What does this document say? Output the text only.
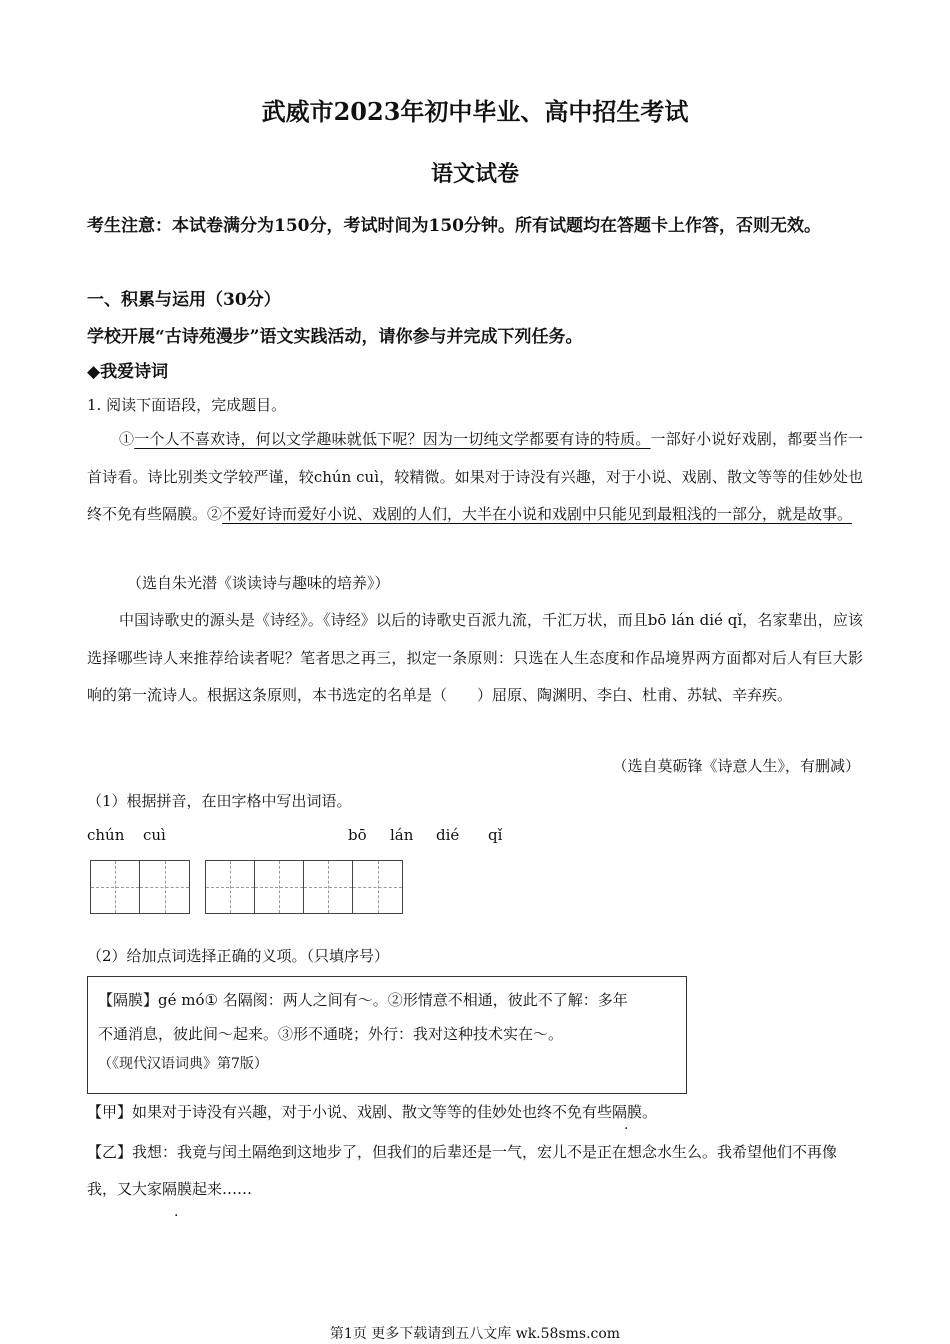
武威市2023年初中毕业、高中招生考试
语文试卷
考生注意：本试卷满分为150分，考试时间为150分钟。所有试题均在答题卡上作答，否则无效。
一、积累与运用（30分）
学校开展“古诗苑漫步”语文实践活动，请你参与并完成下列任务。
◆我爱诗词
1. 阅读下面语段，完成题目。
①一个人不喜欢诗，何以文学趣味就低下呢？因为一切纯文学都要有诗的特质。一部好小说好戏剧，都要当作一首诗看。诗比别类文学较严谨，较chún cuì，较精微。如果对于诗没有兴趣，对于小说、戏剧、散文等等的佳妙处也终不免有些隔膜。②不爱好诗而爱好小说、戏剧的人们，大半在小说和戏剧中只能见到最粗浅的一部分，就是故事。
（选自朱光潜《谈读诗与趣味的培养》）
中国诗歌史的源头是《诗经》。《诗经》以后的诗歌史百派九流，千汇万状，而且bō lán dié qǐ，名家辈出，应该选择哪些诗人来推荐给读者呢？笔者思之再三，拟定一条原则：只选在人生态度和作品境界两方面都对后人有巨大影响的第一流诗人。根据这条原则，本书选定的名单是（　　）屈原、陶渊明、李白、杜甫、苏轼、辛弃疾。
（选自莫砺锋《诗意人生》，有删减）
（1）根据拼音，在田字格中写出词语。
chún cuì	bō lán dié qǐ
（2）给加点词选择正确的义项。（只填序号）
【隔膜】gé mó① 名隔阂：两人之间有～。②形情意不相通，彼此不了解：多年
不通消息，彼此间～起来。③形不通晓；外行：我对这种技术实在～。
（《现代汉语词典》第7版）
【甲】如果对于诗没有兴趣，对于小说、戏剧、散文等等的佳妙处也终不免有些隔膜。
【乙】我想：我竟与闰土隔绝到这地步了，但我们的后辈还是一气，宏儿不是正在想念水生么。我希望他们不再像我，又大家隔膜起来……
第1页 更多下载请到五八文库 wk.58sms.com
